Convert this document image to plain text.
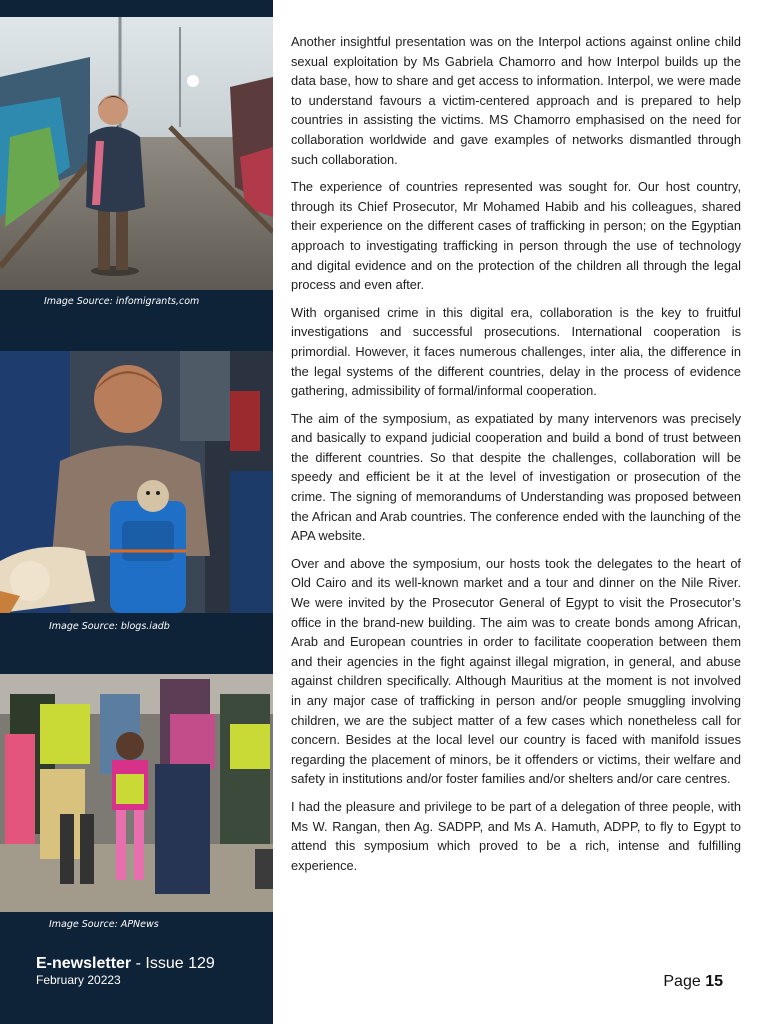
Image Source: infomigrants,com
Image Source: blogs.iadb
Image Source: APNews
E-newsletter - Issue 129
February 20223

Another insightful presentation was on the Interpol actions against online child sexual exploitation by Ms Gabriela Chamorro and how Interpol builds up the data base, how to share and get access to information. Interpol, we were made to understand favours a victim-centered approach and is prepared to help countries in assisting the victims. MS Chamorro emphasised on the need for collaboration worldwide and gave examples of networks dismantled through such collaboration.

The experience of countries represented was sought for. Our host country, through its Chief Prosecutor, Mr Mohamed Habib and his colleagues, shared their experience on the different cases of trafficking in person; on the Egyptian approach to investigating trafficking in person through the use of technology and digital evidence and on the protection of the children all through the legal process and even after.

With organised crime in this digital era, collaboration is the key to fruitful investigations and successful prosecutions. International cooperation is primordial. However, it faces numerous challenges, inter alia, the difference in the legal systems of the different countries, delay in the process of evidence gathering, admissibility of formal/informal cooperation.

The aim of the symposium, as expatiated by many intervenors was precisely and basically to expand judicial cooperation and build a bond of trust between the different countries. So that despite the challenges, collaboration will be speedy and efficient be it at the level of investigation or prosecution of the crime. The signing of memorandums of Understanding was proposed between the African and Arab countries. The conference ended with the launching of the APA website.

Over and above the symposium, our hosts took the delegates to the heart of Old Cairo and its well-known market and a tour and dinner on the Nile River. We were invited by the Prosecutor General of Egypt to visit the Prosecutor’s office in the brand-new building. The aim was to create bonds among African, Arab and European countries in order to facilitate cooperation between them and their agencies in the fight against illegal migration, in general, and abuse against children specifically. Although Mauritius at the moment is not involved in any major case of trafficking in person and/or people smuggling involving children, we are the subject matter of a few cases which nonetheless call for concern. Besides at the local level our country is faced with manifold issues regarding the placement of minors, be it offenders or victims, their welfare and safety in institutions and/or foster families and/or shelters and/or care centres.

I had the pleasure and privilege to be part of a delegation of three people, with Ms W. Rangan, then Ag. SADPP, and Ms A. Hamuth, ADPP, to fly to Egypt to attend this symposium which proved to be a rich, intense and fulfilling experience.

Page 15
